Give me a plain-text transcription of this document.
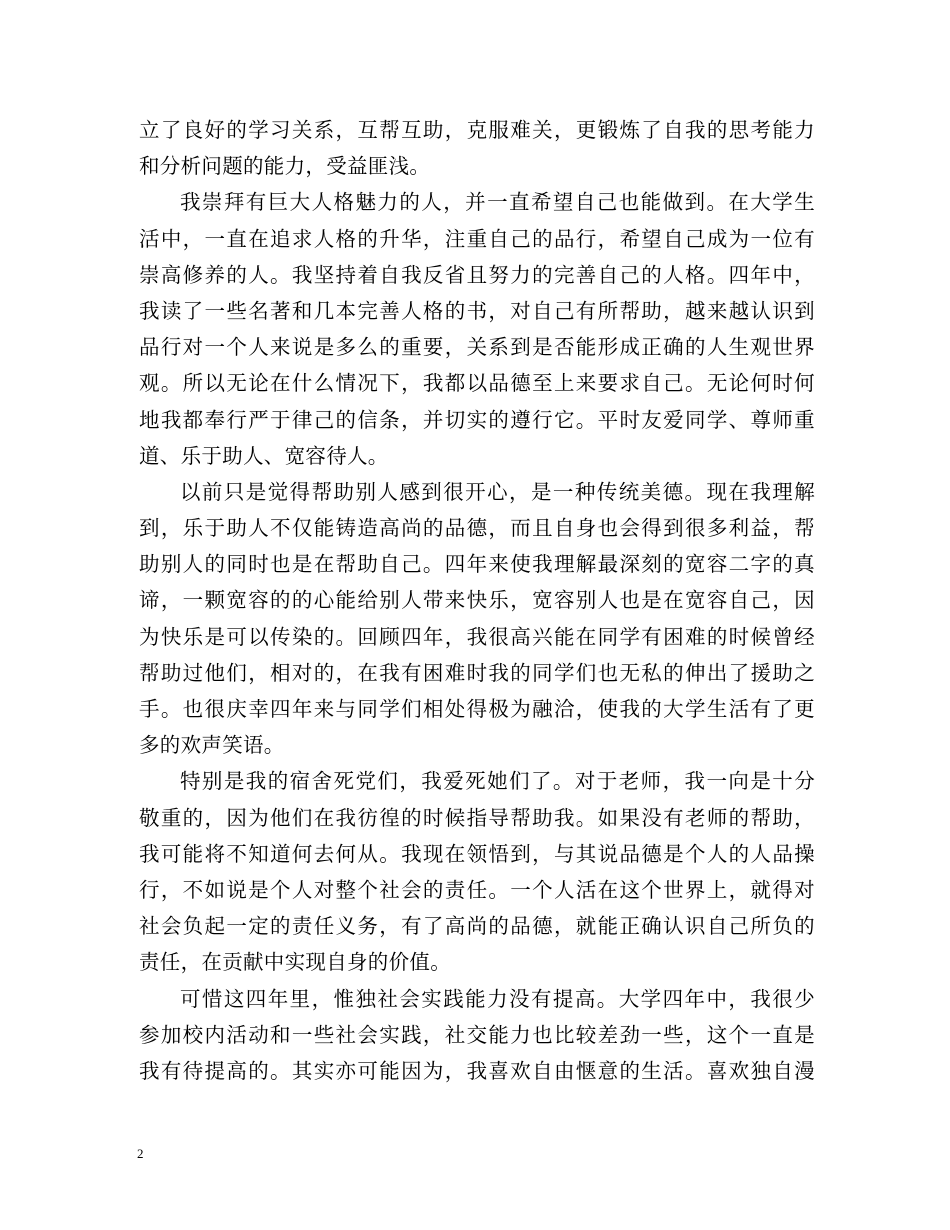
立了良好的学习关系，互帮互助，克服难关，更锻炼了自我的思考能力
和分析问题的能力，受益匪浅。
我崇拜有巨大人格魅力的人，并一直希望自己也能做到。在大学生
活中，一直在追求人格的升华，注重自己的品行，希望自己成为一位有
崇高修养的人。我坚持着自我反省且努力的完善自己的人格。四年中，
我读了一些名著和几本完善人格的书，对自己有所帮助，越来越认识到
品行对一个人来说是多么的重要，关系到是否能形成正确的人生观世界
观。所以无论在什么情况下，我都以品德至上来要求自己。无论何时何
地我都奉行严于律己的信条，并切实的遵行它。平时友爱同学、尊师重
道、乐于助人、宽容待人。
以前只是觉得帮助别人感到很开心，是一种传统美德。现在我理解
到，乐于助人不仅能铸造高尚的品德，而且自身也会得到很多利益，帮
助别人的同时也是在帮助自己。四年来使我理解最深刻的宽容二字的真
谛，一颗宽容的的心能给别人带来快乐，宽容别人也是在宽容自己，因
为快乐是可以传染的。回顾四年，我很高兴能在同学有困难的时候曾经
帮助过他们，相对的，在我有困难时我的同学们也无私的伸出了援助之
手。也很庆幸四年来与同学们相处得极为融洽，使我的大学生活有了更
多的欢声笑语。
特别是我的宿舍死党们，我爱死她们了。对于老师，我一向是十分
敬重的，因为他们在我彷徨的时候指导帮助我。如果没有老师的帮助，
我可能将不知道何去何从。我现在领悟到，与其说品德是个人的人品操
行，不如说是个人对整个社会的责任。一个人活在这个世界上，就得对
社会负起一定的责任义务，有了高尚的品德，就能正确认识自己所负的
责任，在贡献中实现自身的价值。
可惜这四年里，惟独社会实践能力没有提高。大学四年中，我很少
参加校内活动和一些社会实践，社交能力也比较差劲一些，这个一直是
我有待提高的。其实亦可能因为，我喜欢自由惬意的生活。喜欢独自漫
2
